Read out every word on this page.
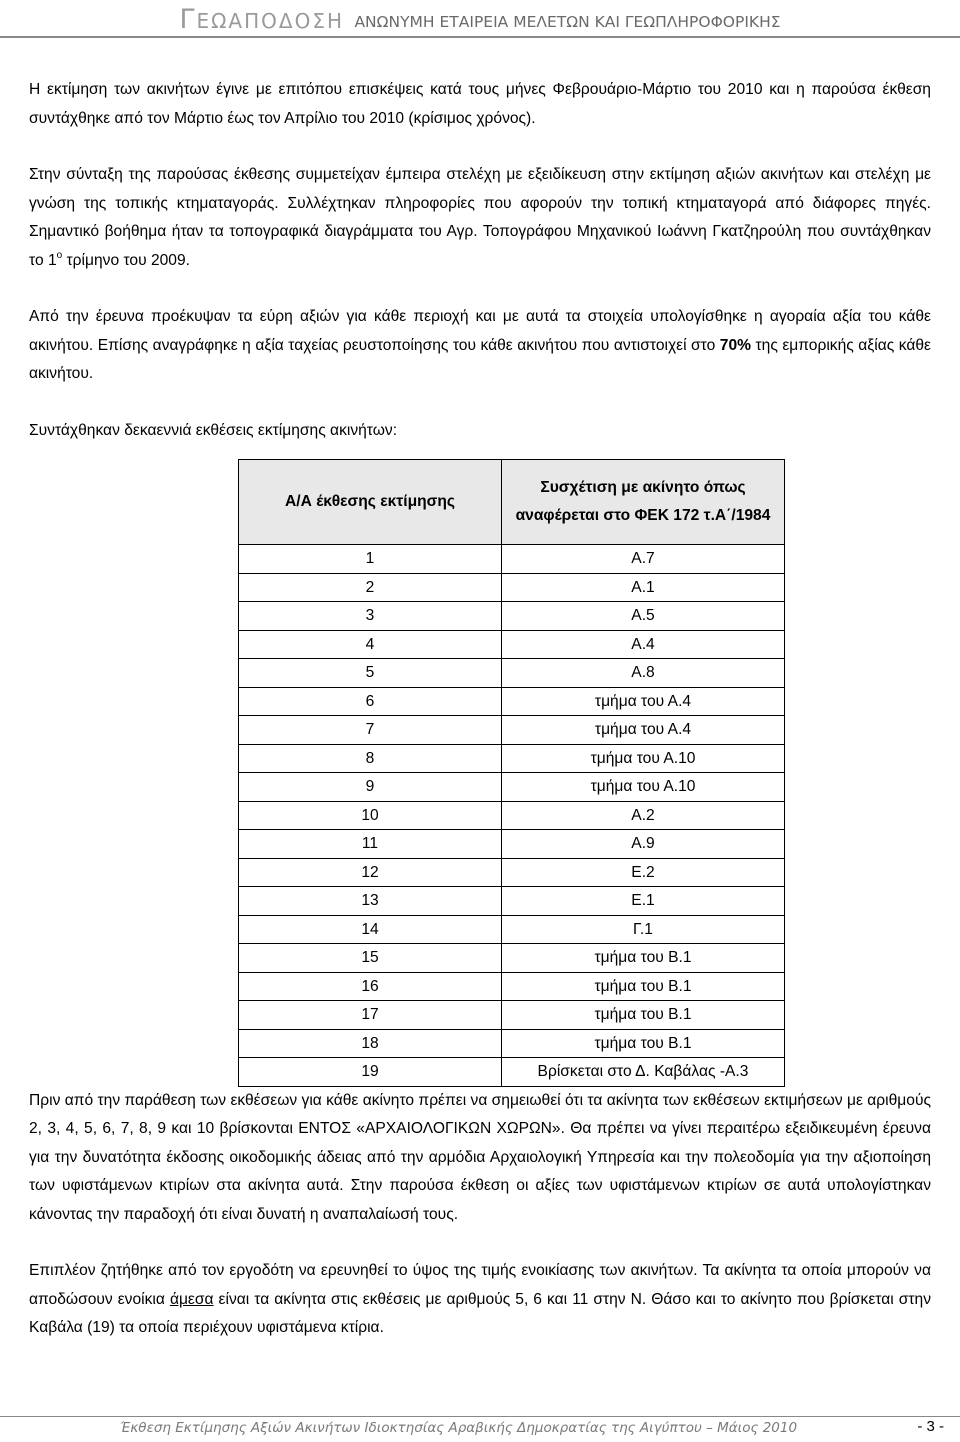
ΓΕΩΑΠΟΔΟΣΗ ΑΝΩΝΥΜΗ ΕΤΑΙΡΕΙΑ ΜΕΛΕΤΩΝ ΚΑΙ ΓΕΩΠΛΗΡΟΦΟΡΙΚΗΣ

Η εκτίμηση των ακινήτων έγινε με επιτόπου επισκέψεις κατά τους μήνες Φεβρουάριο-Μάρτιο του 2010 και η παρούσα έκθεση συντάχθηκε από τον Μάρτιο έως τον Απρίλιο του 2010 (κρίσιμος χρόνος).

Στην σύνταξη της παρούσας έκθεσης συμμετείχαν έμπειρα στελέχη με εξειδίκευση στην εκτίμηση αξιών ακινήτων και στελέχη με γνώση της τοπικής κτηματαγοράς. Συλλέχτηκαν πληροφορίες που αφορούν την τοπική κτηματαγορά από διάφορες πηγές. Σημαντικό βοήθημα ήταν τα τοπογραφικά διαγράμματα του Αγρ. Τοπογράφου Μηχανικού Ιωάννη Γκατζηρούλη που συντάχθηκαν το $1^o$ τρίμηνο του 2009.

Από την έρευνα προέκυψαν τα εύρη αξιών για κάθε περιοχή και με αυτά τα στοιχεία υπολογίσθηκε η αγοραία αξία του κάθε ακινήτου. Επίσης αναγράφηκε η αξία ταχείας ρευστοποίησης του κάθε ακινήτου που αντιστοιχεί στο 70% της εμπορικής αξίας κάθε ακινήτου.

Συντάχθηκαν δεκαεννιά εκθέσεις εκτίμησης ακινήτων:

Α/Α έκθεσης εκτίμησης	Συσχέτιση με ακίνητο όπως αναφέρεται στο ΦΕΚ 172 τ.Α΄/1984
1	Α.7
2	Α.1
3	Α.5
4	Α.4
5	Α.8
6	τμήμα του Α.4
7	τμήμα του Α.4
8	τμήμα του Α.10
9	τμήμα του Α.10
10	Α.2
11	Α.9
12	Ε.2
13	Ε.1
14	Γ.1
15	τμήμα του Β.1
16	τμήμα του Β.1
17	τμήμα του Β.1
18	τμήμα του Β.1
19	Βρίσκεται στο Δ. Καβάλας -Α.3

Πριν από την παράθεση των εκθέσεων για κάθε ακίνητο πρέπει να σημειωθεί ότι τα ακίνητα των εκθέσεων εκτιμήσεων με αριθμούς 2, 3, 4, 5, 6, 7, 8, 9 και 10 βρίσκονται ΕΝΤΟΣ «ΑΡΧΑΙΟΛΟΓΙΚΩΝ ΧΩΡΩΝ». Θα πρέπει να γίνει περαιτέρω εξειδικευμένη έρευνα για την δυνατότητα έκδοσης οικοδομικής άδειας από την αρμόδια Αρχαιολογική Υπηρεσία και την πολεοδομία για την αξιοποίηση των υφιστάμενων κτιρίων στα ακίνητα αυτά. Στην παρούσα έκθεση οι αξίες των υφιστάμενων κτιρίων σε αυτά υπολογίστηκαν κάνοντας την παραδοχή ότι είναι δυνατή η αναπαλαίωσή τους.

Επιπλέον ζητήθηκε από τον εργοδότη να ερευνηθεί το ύψος της τιμής ενοικίασης των ακινήτων. Τα ακίνητα τα οποία μπορούν να αποδώσουν ενοίκια άμεσα είναι τα ακίνητα στις εκθέσεις με αριθμούς 5, 6 και 11 στην Ν. Θάσο και το ακίνητο που βρίσκεται στην Καβάλα (19) τα οποία περιέχουν υφιστάμενα κτίρια.

Έκθεση Εκτίμησης Αξιών Ακινήτων Ιδιοκτησίας Αραβικής Δημοκρατίας της Αιγύπτου – Μάιος 2010	- 3 -
